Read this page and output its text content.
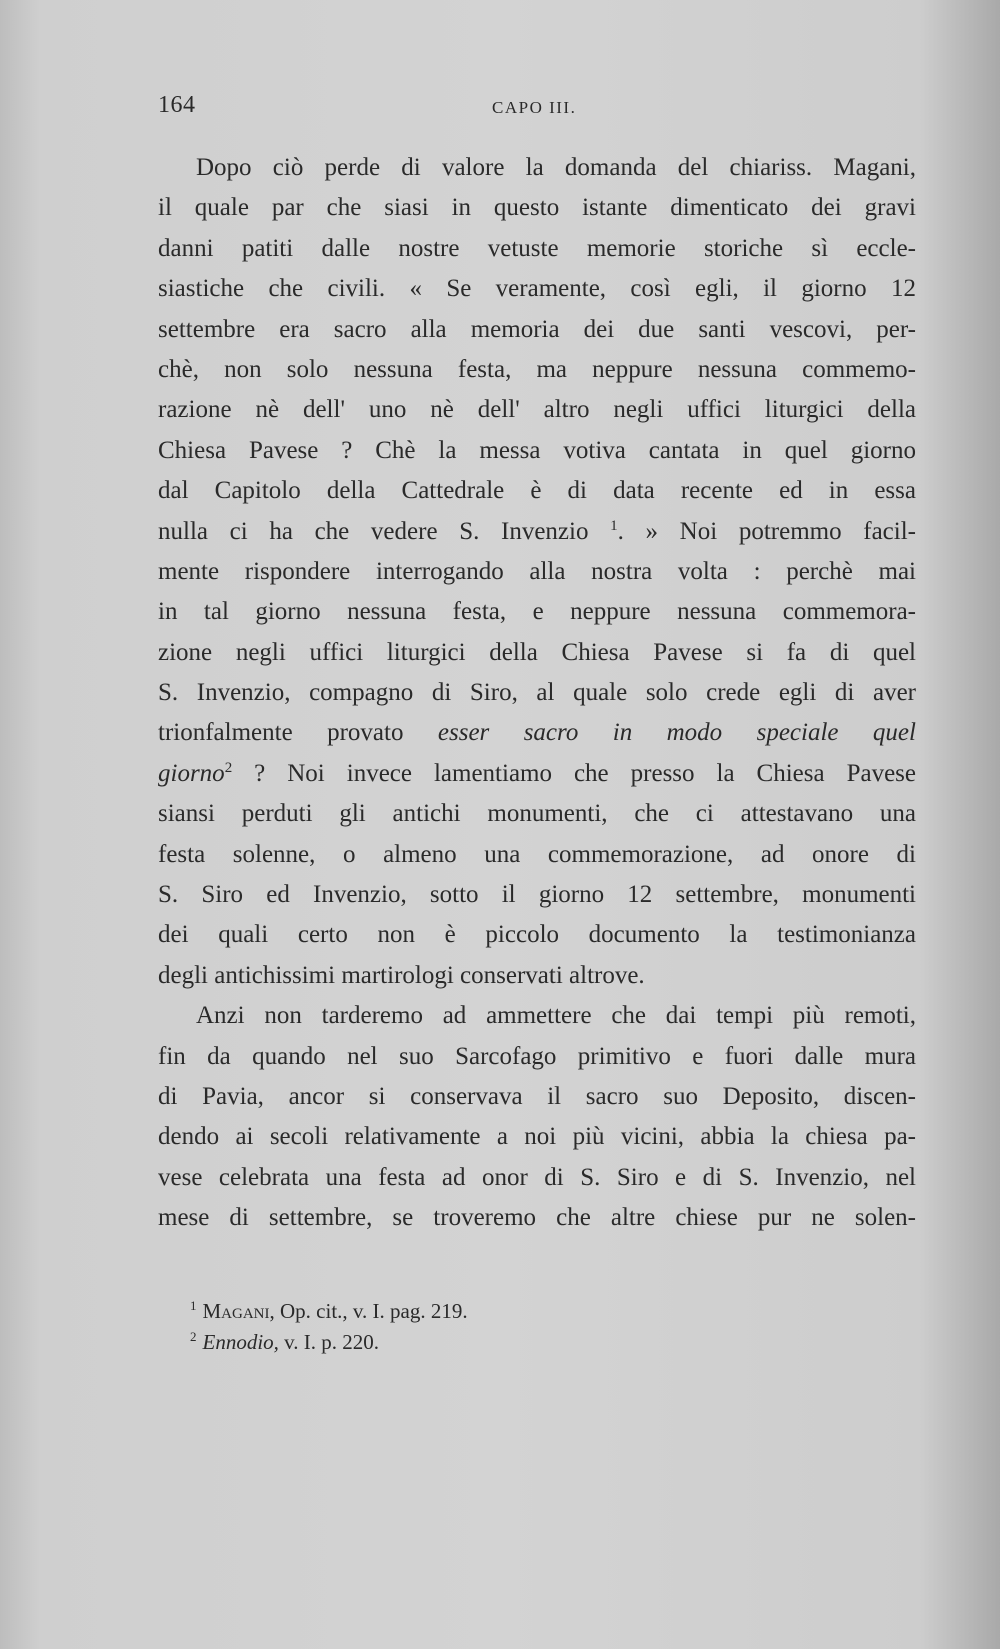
164	CAPO III.
Dopo ciò perde di valore la domanda del chiariss. Magani,
il quale par che siasi in questo istante dimenticato dei gravi
danni patiti dalle nostre vetuste memorie storiche sì eccle-
siastiche che civili. « Se veramente, così egli, il giorno 12
settembre era sacro alla memoria dei due santi vescovi, per-
chè, non solo nessuna festa, ma neppure nessuna commemo-
razione nè dell' uno nè dell' altro negli uffici liturgici della
Chiesa Pavese ? Chè la messa votiva cantata in quel giorno
dal Capitolo della Cattedrale è di data recente ed in essa
nulla ci ha che vedere S. Invenzio $^1$. » Noi potremmo facil-
mente rispondere interrogando alla nostra volta : perchè mai
in tal giorno nessuna festa, e neppure nessuna commemora-
zione negli uffici liturgici della Chiesa Pavese si fa di quel
S. Invenzio, compagno di Siro, al quale solo crede egli di aver
trionfalmente provato esser sacro in modo speciale quel
giorno$^2$ ? Noi invece lamentiamo che presso la Chiesa Pavese
siansi perduti gli antichi monumenti, che ci attestavano una
festa solenne, o almeno una commemorazione, ad onore di
S. Siro ed Invenzio, sotto il giorno 12 settembre, monumenti
dei quali certo non è piccolo documento la testimonianza
degli antichissimi martirologi conservati altrove.
Anzi non tarderemo ad ammettere che dai tempi più remoti,
fin da quando nel suo Sarcofago primitivo e fuori dalle mura
di Pavia, ancor si conservava il sacro suo Deposito, discen-
dendo ai secoli relativamente a noi più vicini, abbia la chiesa pa-
vese celebrata una festa ad onor di S. Siro e di S. Invenzio, nel
mese di settembre, se troveremo che altre chiese pur ne solen-
$^1$ Magani, Op. cit., v. I. pag. 219.
$^2$ Ennodio, v. I. p. 220.
